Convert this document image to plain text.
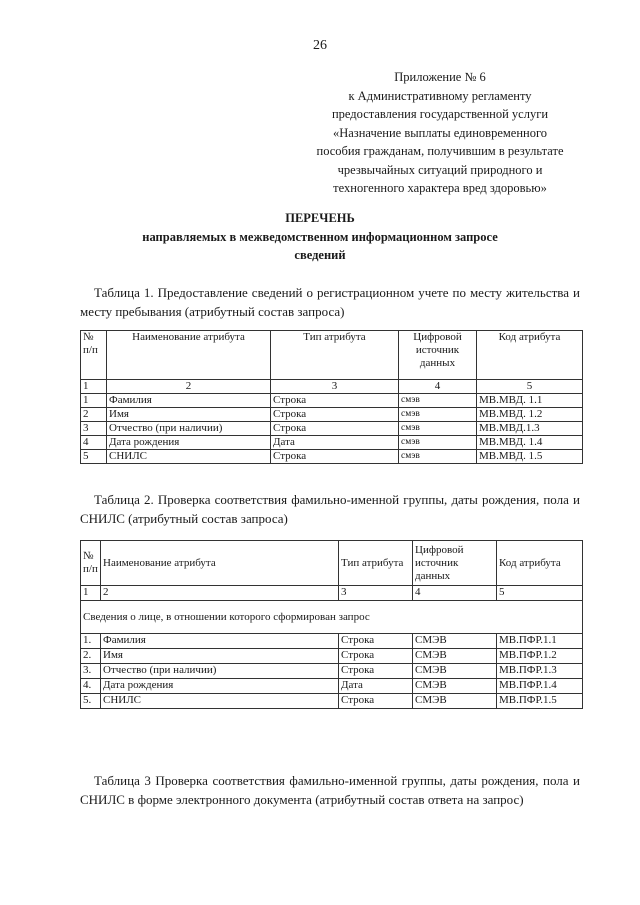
26
Приложение № 6
к Административному регламенту
предоставления государственной услуги
«Назначение выплаты единовременного
пособия гражданам, получившим в результате
чрезвычайных ситуаций природного и
техногенного характера вред здоровью»
ПЕРЕЧЕНЬ
направляемых в межведомственном информационном запросе
сведений
Таблица 1. Предоставление сведений о регистрационном учете по месту жительства и месту пребывания (атрибутный состав запроса)
№ п/п	Наименование атрибута	Тип атрибута	Цифровой источник данных	Код атрибута
1	2	3	4	5
1	Фамилия	Строка	смэв	МВ.МВД. 1.1
2	Имя	Строка	смэв	МВ.МВД. 1.2
3	Отчество (при наличии)	Строка	смэв	МВ.МВД.1.3
4	Дата рождения	Дата	смэв	МВ.МВД. 1.4
5	СНИЛС	Строка	смэв	МВ.МВД. 1.5
Таблица 2. Проверка соответствия фамильно-именной группы, даты рождения, пола и СНИЛС (атрибутный состав запроса)
№ п/п	Наименование атрибута	Тип атрибута	Цифровой источник данных	Код атрибута
1	2	3	4	5
Сведения о лице, в отношении которого сформирован запрос				
1.	Фамилия	Строка	СМЭВ	МВ.ПФР.1.1
2.	Имя	Строка	СМЭВ	МВ.ПФР.1.2
3.	Отчество (при наличии)	Строка	СМЭВ	МВ.ПФР.1.3
4.	Дата рождения	Дата	СМЭВ	МВ.ПФР.1.4
5.	СНИЛС	Строка	СМЭВ	МВ.ПФР.1.5
Таблица 3 Проверка соответствия фамильно-именной группы, даты рождения, пола и СНИЛС в форме электронного документа (атрибутный состав ответа на запрос)
